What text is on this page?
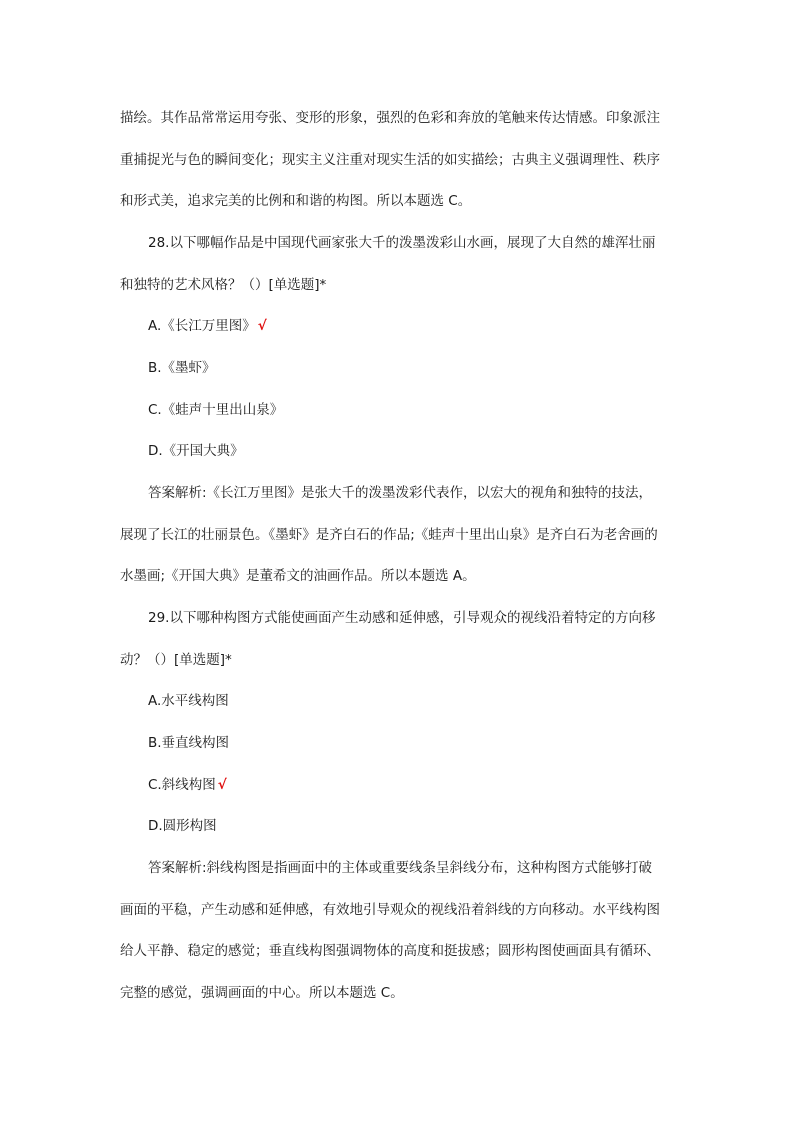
描绘。其作品常常运用夸张、变形的形象，强烈的色彩和奔放的笔触来传达情感。印象派注
重捕捉光与色的瞬间变化；现实主义注重对现实生活的如实描绘；古典主义强调理性、秩序
和形式美，追求完美的比例和和谐的构图。所以本题选 C。
28.以下哪幅作品是中国现代画家张大千的泼墨泼彩山水画，展现了大自然的雄浑壮丽
和独特的艺术风格？（）[单选题]*
A.《长江万里图》 √
B.《墨虾》
C.《蛙声十里出山泉》
D.《开国大典》
答案解析:《长江万里图》是张大千的泼墨泼彩代表作，以宏大的视角和独特的技法，
展现了长江的壮丽景色。《墨虾》是齐白石的作品;《蛙声十里出山泉》是齐白石为老舍画的
水墨画;《开国大典》是董希文的油画作品。所以本题选 A。
29.以下哪种构图方式能使画面产生动感和延伸感，引导观众的视线沿着特定的方向移
动？（）[单选题]*
A.水平线构图
B.垂直线构图
C.斜线构图 √
D.圆形构图
答案解析:斜线构图是指画面中的主体或重要线条呈斜线分布，这种构图方式能够打破
画面的平稳，产生动感和延伸感，有效地引导观众的视线沿着斜线的方向移动。水平线构图
给人平静、稳定的感觉；垂直线构图强调物体的高度和挺拔感；圆形构图使画面具有循环、
完整的感觉，强调画面的中心。所以本题选 C。
